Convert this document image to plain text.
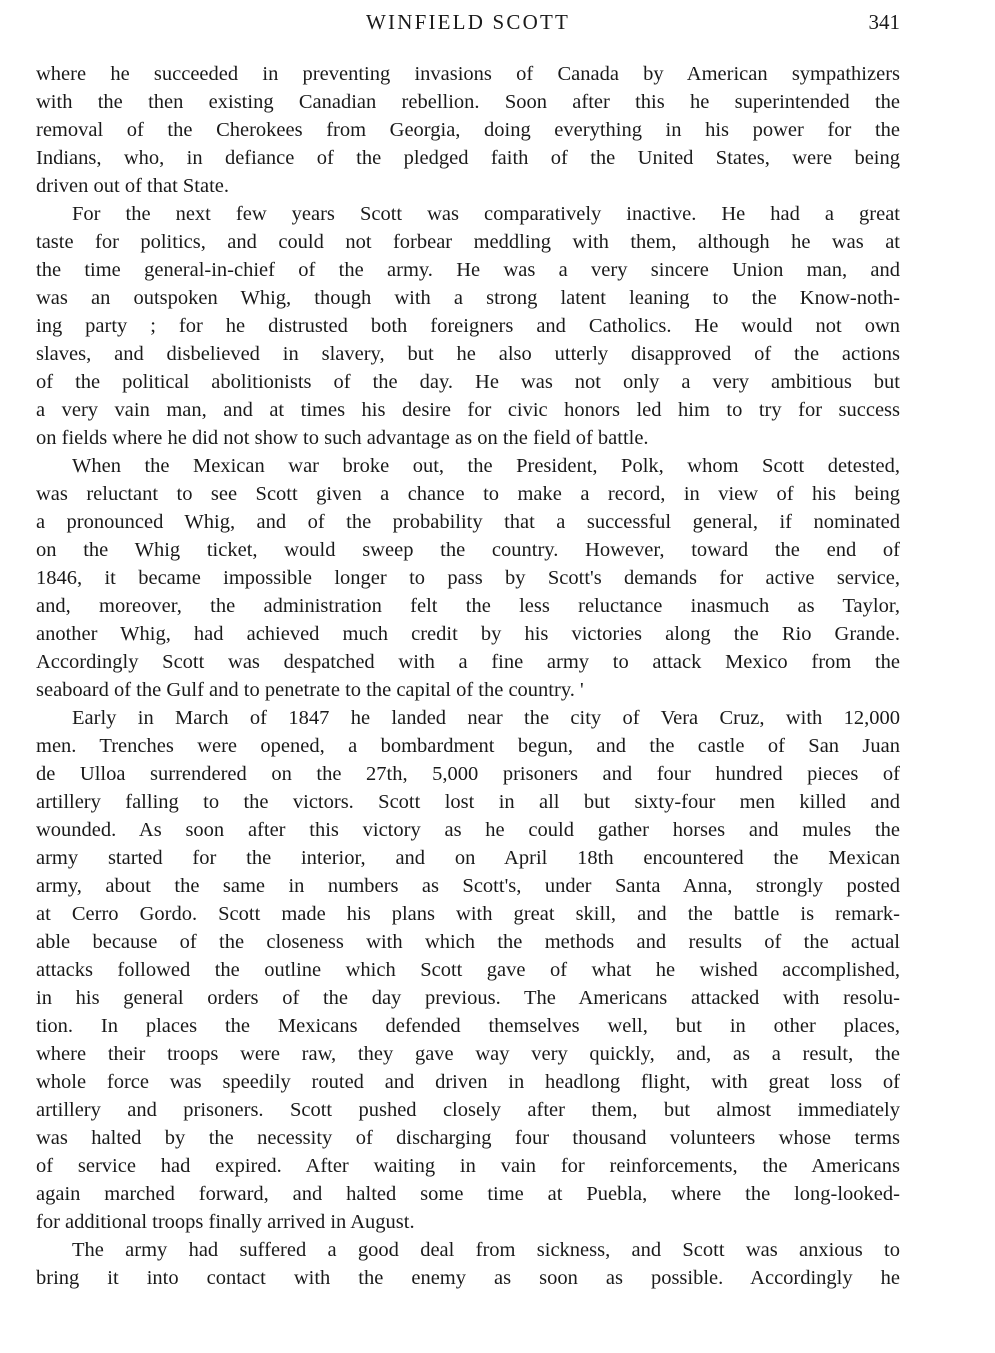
WINFIELD SCOTT	341
where he succeeded in preventing invasions of Canada by American sympathizers
with the then existing Canadian rebellion. Soon after this he superintended the
removal of the Cherokees from Georgia, doing everything in his power for the
Indians, who, in defiance of the pledged faith of the United States, were being
driven out of that State.
For the next few years Scott was comparatively inactive. He had a great
taste for politics, and could not forbear meddling with them, although he was at
the time general-in-chief of the army. He was a very sincere Union man, and
was an outspoken Whig, though with a strong latent leaning to the Know-noth-
ing party ; for he distrusted both foreigners and Catholics. He would not own
slaves, and disbelieved in slavery, but he also utterly disapproved of the actions
of the political abolitionists of the day. He was not only a very ambitious but
a very vain man, and at times his desire for civic honors led him to try for success
on fields where he did not show to such advantage as on the field of battle.
When the Mexican war broke out, the President, Polk, whom Scott detested,
was reluctant to see Scott given a chance to make a record, in view of his being
a pronounced Whig, and of the probability that a successful general, if nominated
on the Whig ticket, would sweep the country. However, toward the end of
1846, it became impossible longer to pass by Scott's demands for active service,
and, moreover, the administration felt the less reluctance inasmuch as Taylor,
another Whig, had achieved much credit by his victories along the Rio Grande.
Accordingly Scott was despatched with a fine army to attack Mexico from the
seaboard of the Gulf and to penetrate to the capital of the country. '
Early in March of 1847 he landed near the city of Vera Cruz, with 12,000
men. Trenches were opened, a bombardment begun, and the castle of San Juan
de Ulloa surrendered on the 27th, 5,000 prisoners and four hundred pieces of
artillery falling to the victors. Scott lost in all but sixty-four men killed and
wounded. As soon after this victory as he could gather horses and mules the
army started for the interior, and on April 18th encountered the Mexican
army, about the same in numbers as Scott's, under Santa Anna, strongly posted
at Cerro Gordo. Scott made his plans with great skill, and the battle is remark-
able because of the closeness with which the methods and results of the actual
attacks followed the outline which Scott gave of what he wished accomplished,
in his general orders of the day previous. The Americans attacked with resolu-
tion. In places the Mexicans defended themselves well, but in other places,
where their troops were raw, they gave way very quickly, and, as a result, the
whole force was speedily routed and driven in headlong flight, with great loss of
artillery and prisoners. Scott pushed closely after them, but almost immediately
was halted by the necessity of discharging four thousand volunteers whose terms
of service had expired. After waiting in vain for reinforcements, the Americans
again marched forward, and halted some time at Puebla, where the long-looked-
for additional troops finally arrived in August.
The army had suffered a good deal from sickness, and Scott was anxious to
bring it into contact with the enemy as soon as possible. Accordingly he
